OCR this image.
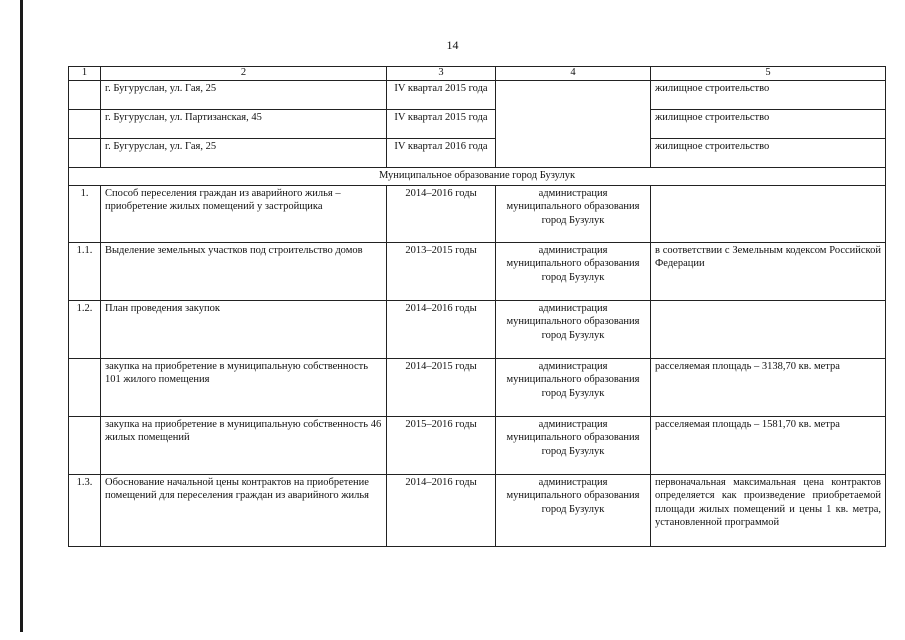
14
1	2	3	4	5
	г. Бугуруслан, ул. Гая, 25	IV квартал 2015 года		жилищное строительство
	г. Бугуруслан, ул. Партизанская, 45	IV квартал 2015 года		жилищное строительство
	г. Бугуруслан, ул. Гая, 25	IV квартал 2016 года		жилищное строительство
Муниципальное образование город Бузулук				
1.	Способ переселения граждан из аварийного жилья – приобретение жилых помещений у застройщика	2014–2016 годы	администрация муниципального образования город Бузулук	
1.1.	Выделение земельных участков под строительство домов	2013–2015 годы	администрация муниципального образования город Бузулук	в соответствии с Земельным кодексом Российской Федерации
1.2.	План проведения закупок	2014–2016 годы	администрация муниципального образования город Бузулук	
	закупка на приобретение в муниципальную собственность 101 жилого помещения	2014–2015 годы	администрация муниципального образования город Бузулук	расселяемая площадь – 3138,70 кв. метра
	закупка на приобретение в муниципальную собственность 46 жилых помещений	2015–2016 годы	администрация муниципального образования город Бузулук	расселяемая площадь – 1581,70 кв. метра
1.3.	Обоснование начальной цены контрактов на приобретение помещений для переселения граждан из аварийного жилья	2014–2016 годы	администрация муниципального образования город Бузулук	первоначальная максимальная цена контрактов определяется как произведение приобретаемой площади жилых помещений и цены 1 кв. метра, установленной программой
